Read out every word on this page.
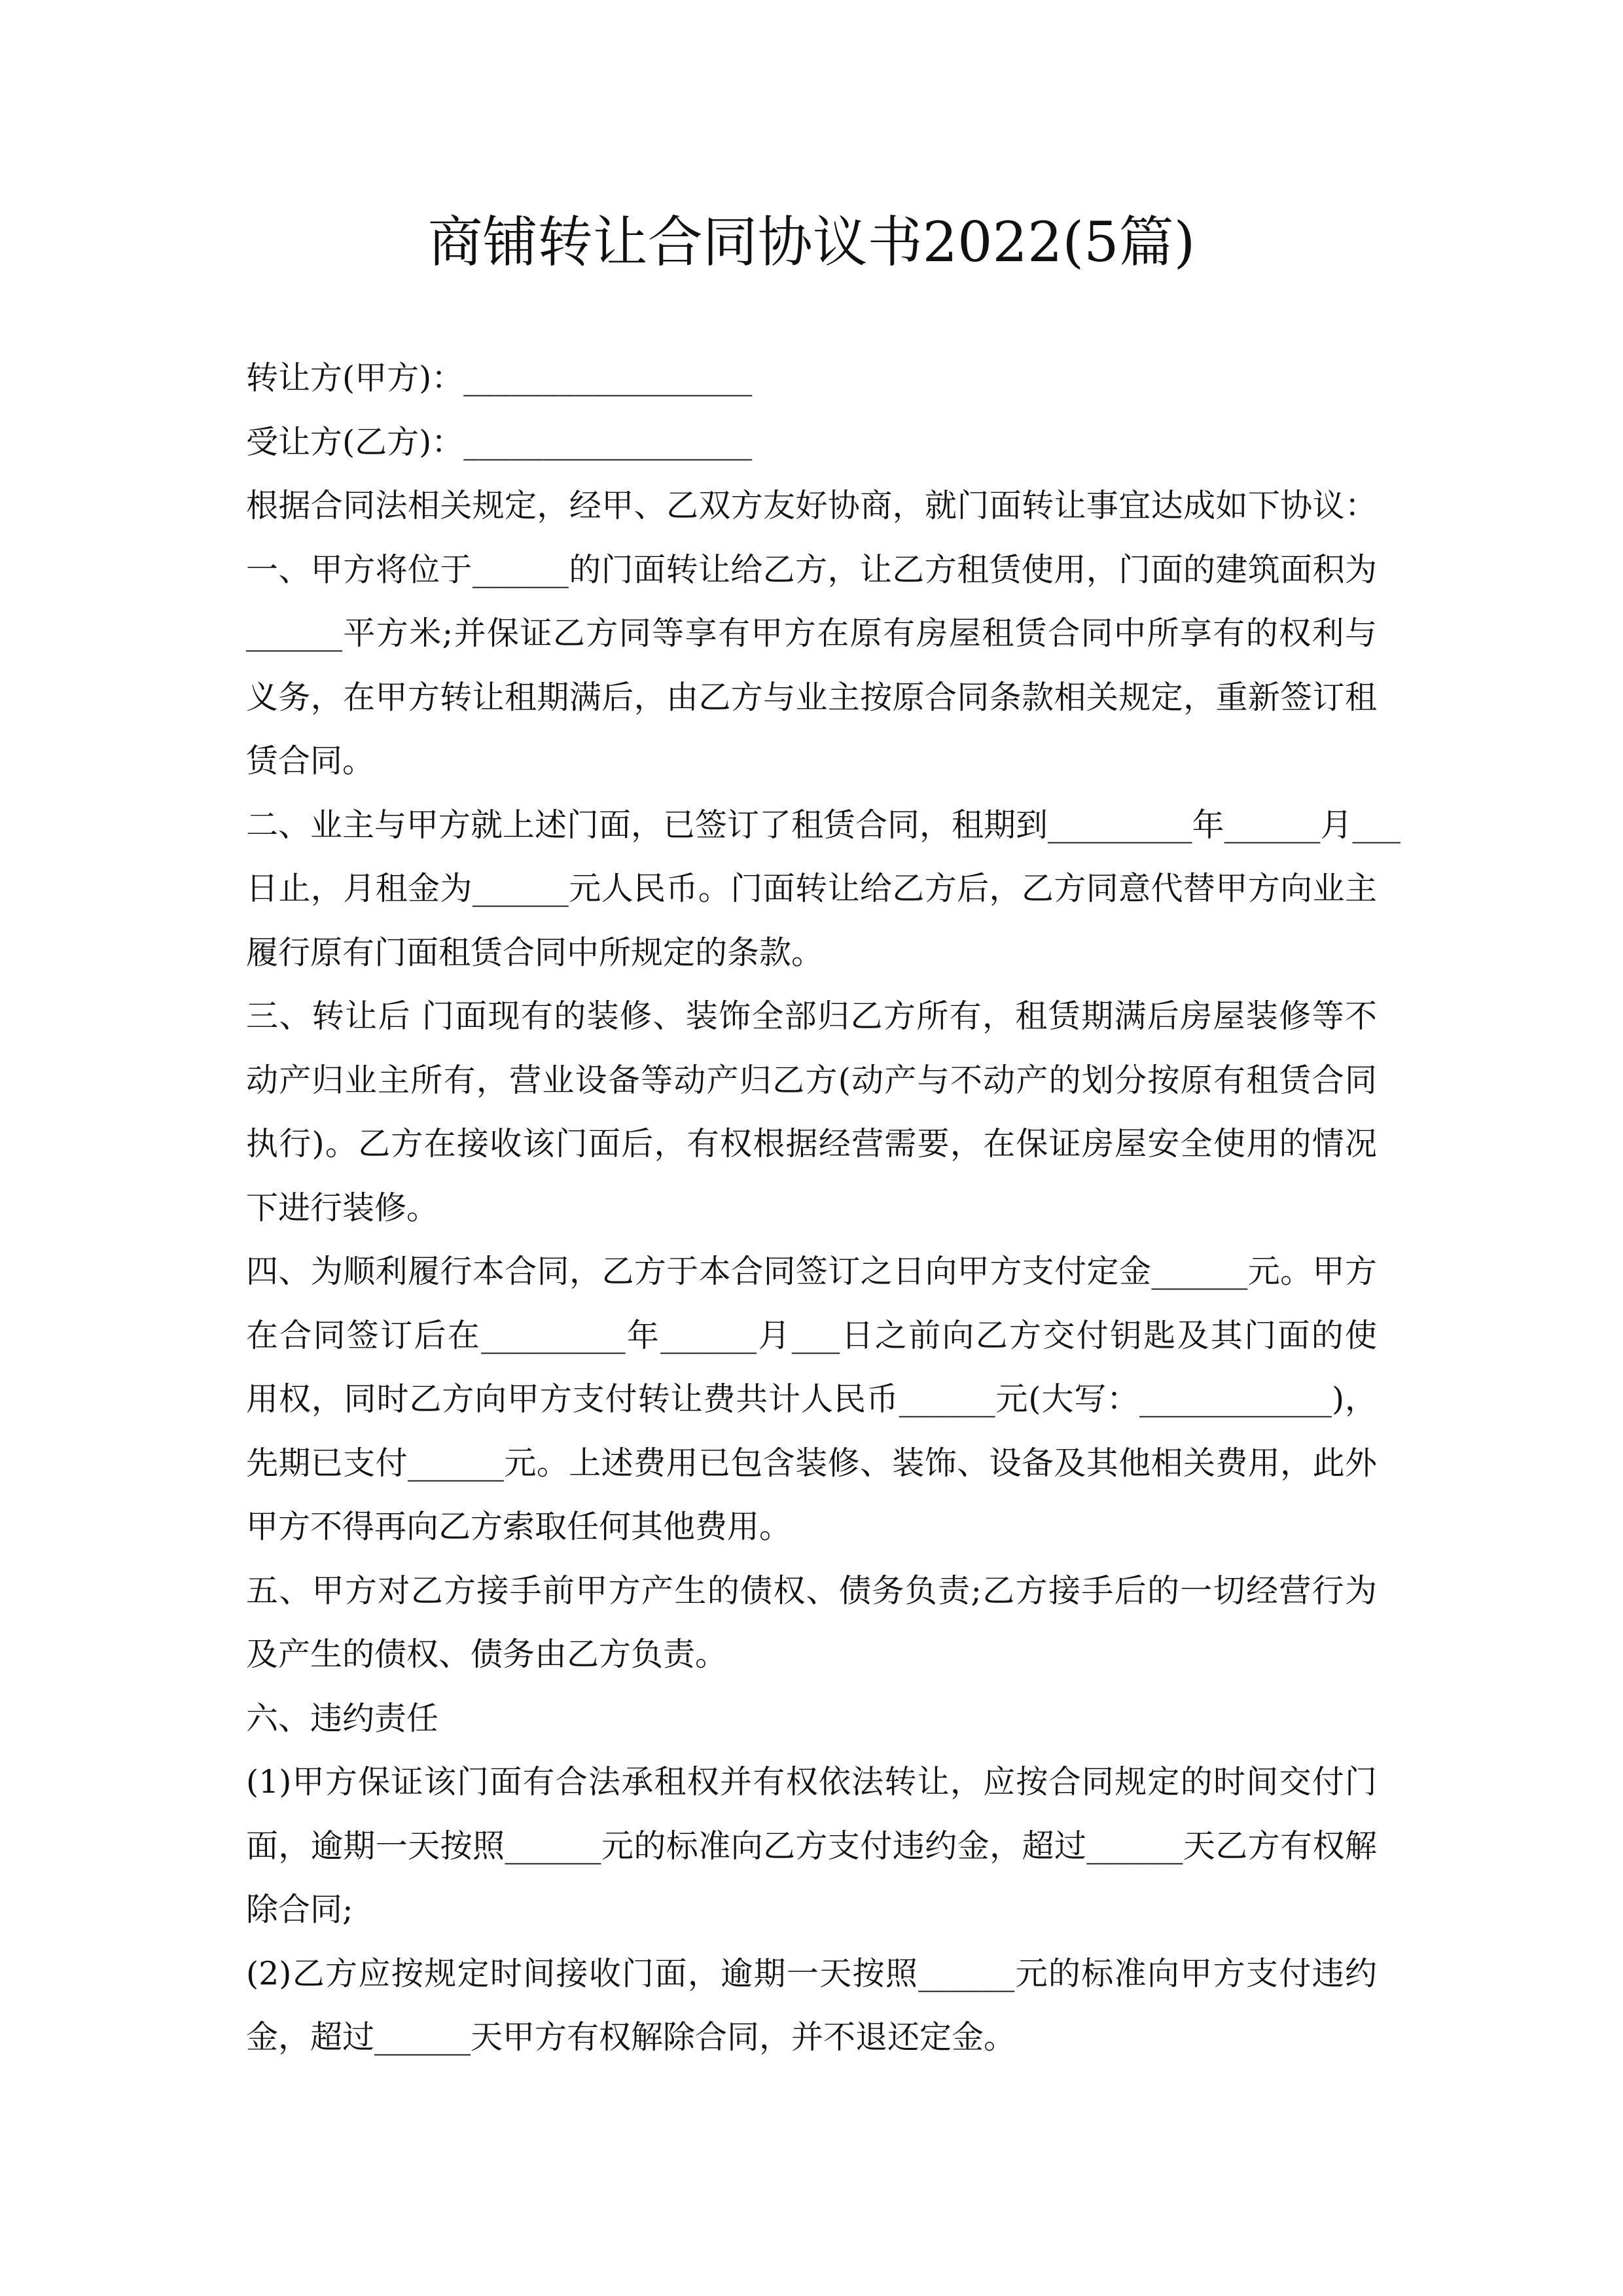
商铺转让合同协议书2022(5篇)
转让方(甲方)：__________________
受让方(乙方)：__________________
根据合同法相关规定，经甲、乙双方友好协商，就门面转让事宜达成如下协议：
一、甲方将位于______的门面转让给乙方，让乙方租赁使用，门面的建筑面积为
______平方米;并保证乙方同等享有甲方在原有房屋租赁合同中所享有的权利与
义务，在甲方转让租期满后，由乙方与业主按原合同条款相关规定，重新签订租
赁合同。
二、业主与甲方就上述门面，已签订了租赁合同，租期到_________年______月___
日止，月租金为______元人民币。门面转让给乙方后，乙方同意代替甲方向业主
履行原有门面租赁合同中所规定的条款。
三、转让后 门面现有的装修、装饰全部归乙方所有，租赁期满后房屋装修等不
动产归业主所有，营业设备等动产归乙方(动产与不动产的划分按原有租赁合同
执行)。乙方在接收该门面后，有权根据经营需要，在保证房屋安全使用的情况
下进行装修。
四、为顺利履行本合同，乙方于本合同签订之日向甲方支付定金______元。甲方
在合同签订后在_________年______月___日之前向乙方交付钥匙及其门面的使
用权，同时乙方向甲方支付转让费共计人民币______元(大写：____________)，
先期已支付______元。上述费用已包含装修、装饰、设备及其他相关费用，此外
甲方不得再向乙方索取任何其他费用。
五、甲方对乙方接手前甲方产生的债权、债务负责;乙方接手后的一切经营行为
及产生的债权、债务由乙方负责。
六、违约责任
(1)甲方保证该门面有合法承租权并有权依法转让，应按合同规定的时间交付门
面，逾期一天按照______元的标准向乙方支付违约金，超过______天乙方有权解
除合同;
(2)乙方应按规定时间接收门面，逾期一天按照______元的标准向甲方支付违约
金，超过______天甲方有权解除合同，并不退还定金。
